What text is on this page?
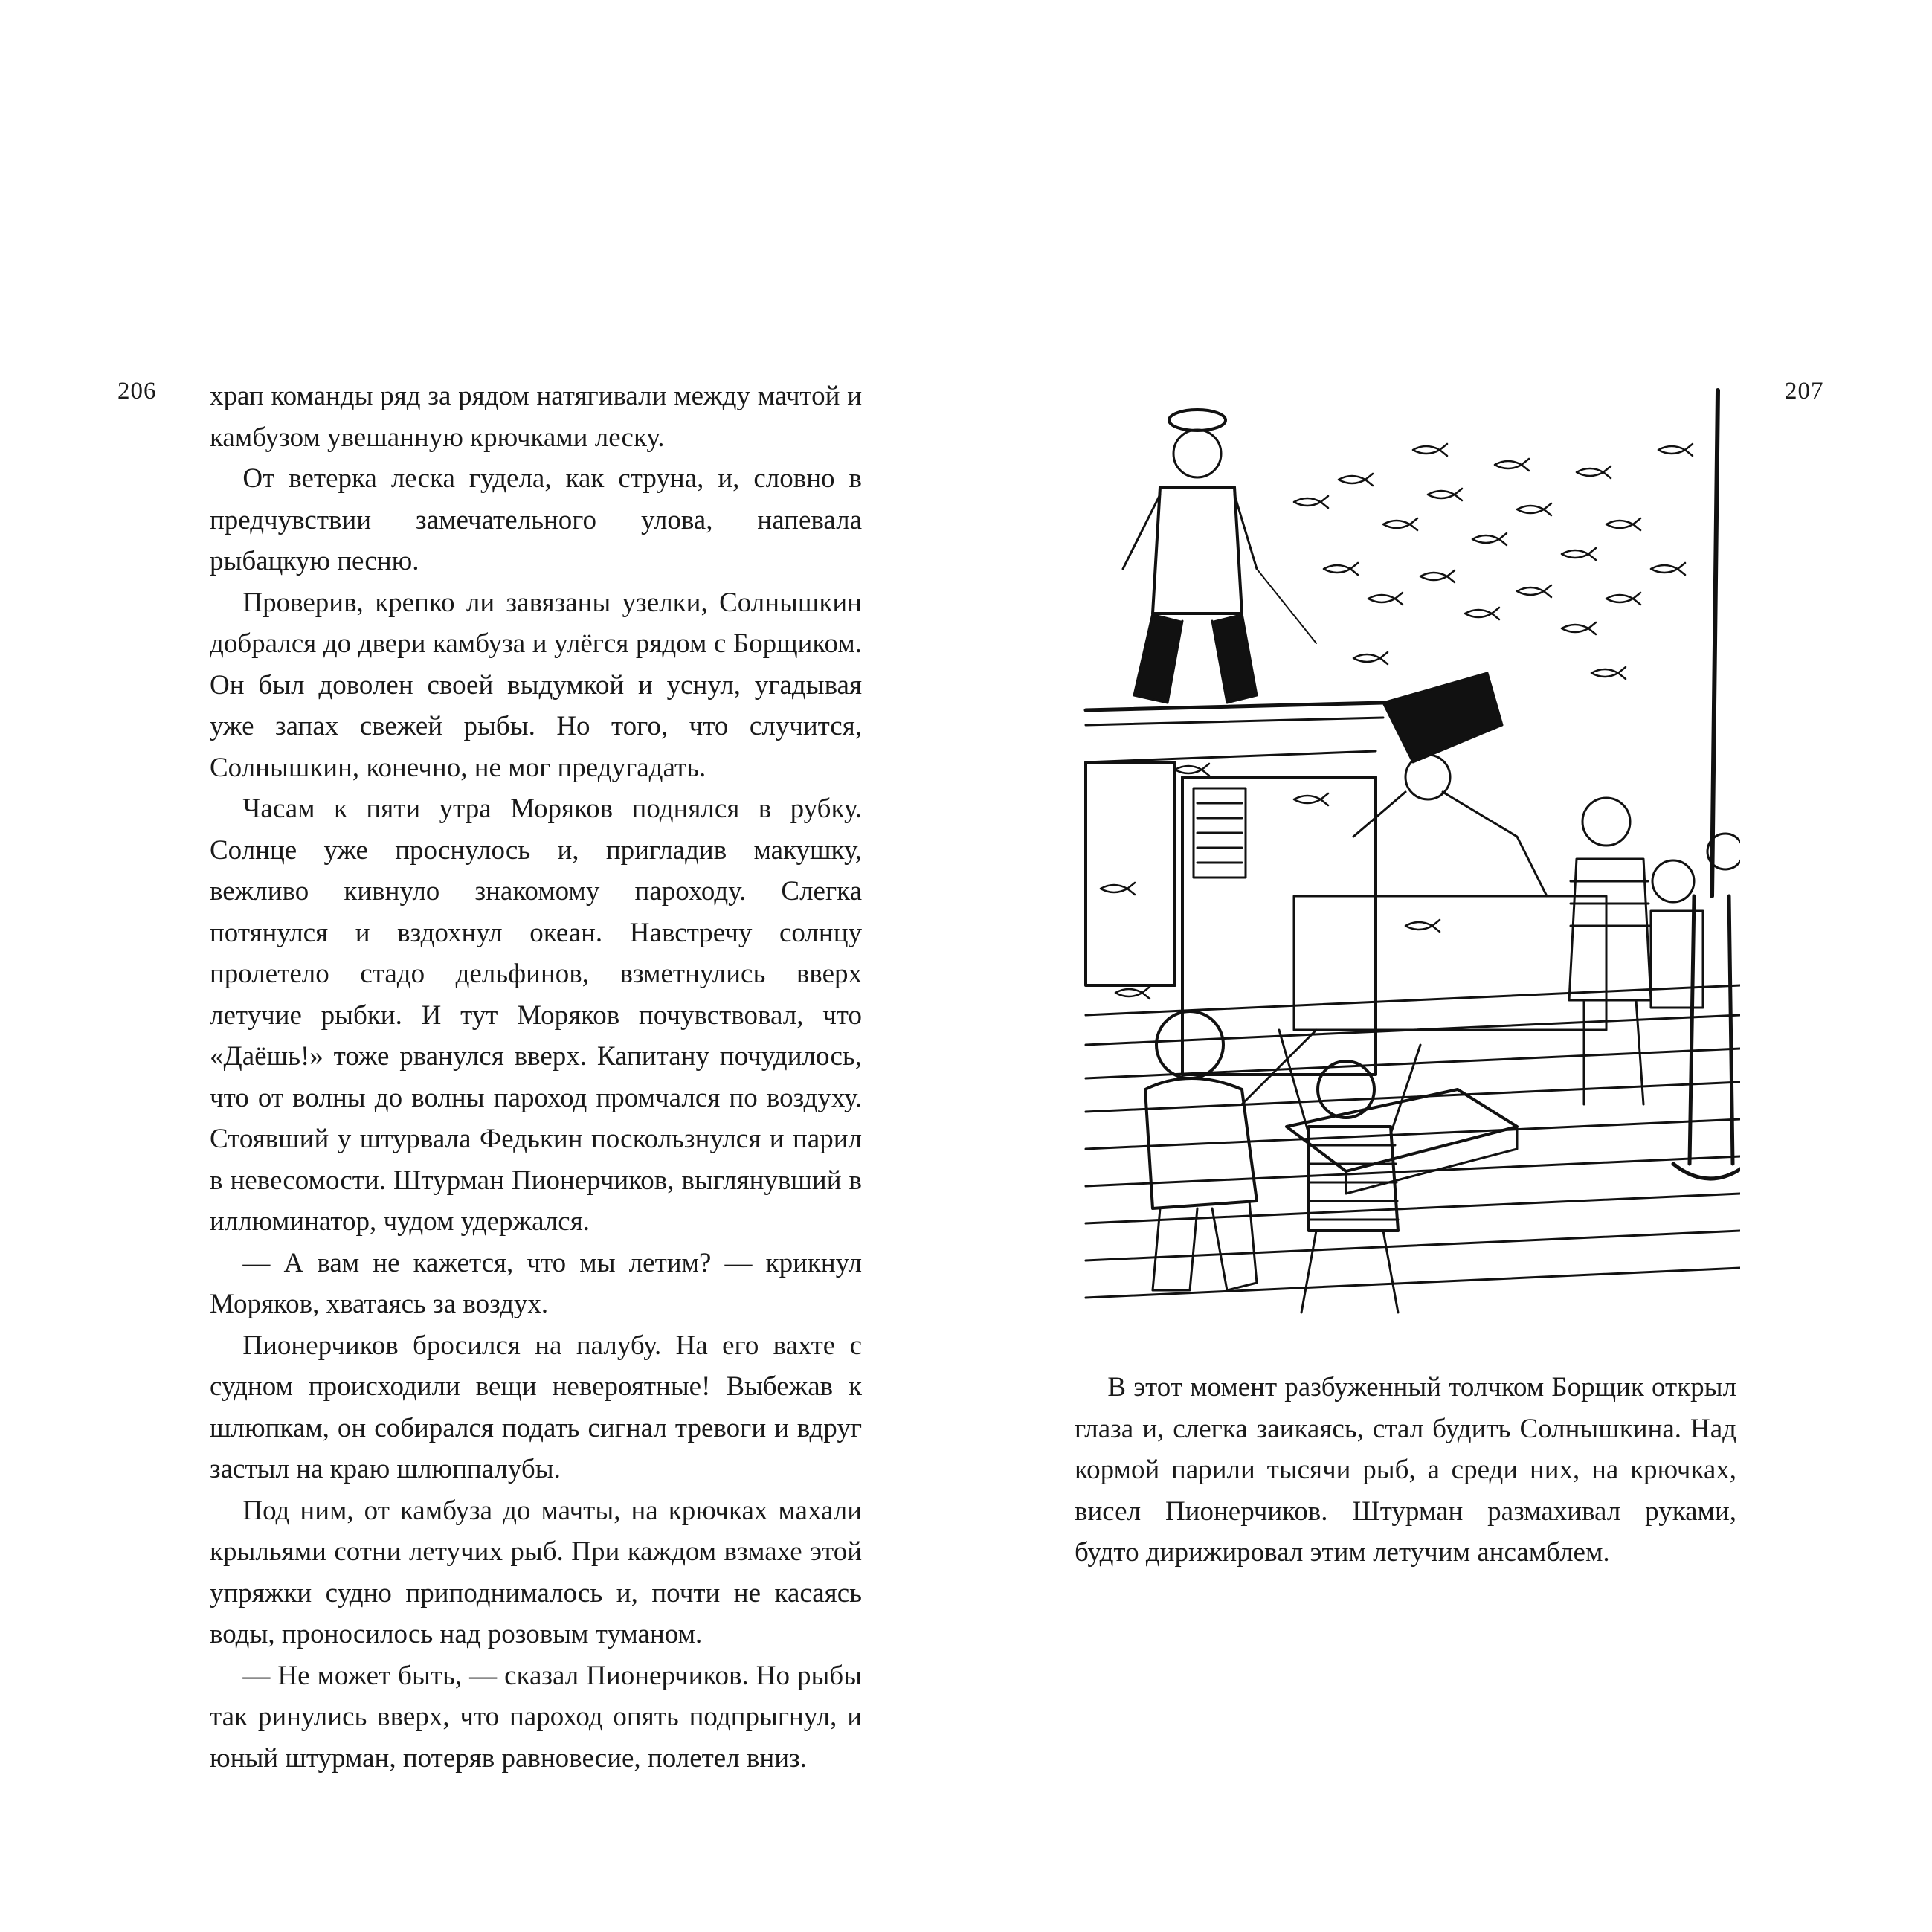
206	207

храп команды ряд за рядом натягивали между мачтой и камбузом увешанную крючками леску.

От ветерка леска гудела, как струна, и, словно в предчувствии замечательного улова, напевала рыбацкую песню.

Проверив, крепко ли завязаны узелки, Солнышкин добрался до двери камбуза и улёгся рядом с Борщиком. Он был доволен своей выдумкой и уснул, угадывая уже запах свежей рыбы. Но того, что случится, Солнышкин, конечно, не мог предугадать.

Часам к пяти утра Моряков поднялся в рубку. Солнце уже проснулось и, пригладив макушку, вежливо кивнуло знакомому пароходу. Слегка потянулся и вздохнул океан. Навстречу солнцу пролетело стадо дельфинов, взметнулись вверх летучие рыбки. И тут Моряков почувствовал, что «Даёшь!» тоже рванулся вверх. Капитану почудилось, что от волны до волны пароход промчался по воздуху. Стоявший у штурвала Федькин поскользнулся и парил в невесомости. Штурман Пионерчиков, выглянувший в иллюминатор, чудом удержался.

— А вам не кажется, что мы летим? — крикнул Моряков, хватаясь за воздух.

Пионерчиков бросился на палубу. На его вахте с судном происходили вещи невероятные! Выбежав к шлюпкам, он собирался подать сигнал тревоги и вдруг застыл на краю шлюппалубы.

Под ним, от камбуза до мачты, на крючках махали крыльями сотни летучих рыб. При каждом взмахе этой упряжки судно приподнималось и, почти не касаясь воды, проносилось над розовым туманом.

— Не может быть, — сказал Пионерчиков. Но рыбы так ринулись вверх, что пароход опять подпрыгнул, и юный штурман, потеряв равновесие, полетел вниз.

В этот момент разбуженный толчком Борщик открыл глаза и, слегка заикаясь, стал будить Солнышкина. Над кормой парили тысячи рыб, а среди них, на крючках, висел Пионерчиков. Штурман размахивал руками, будто дирижировал этим летучим ансамблем.
